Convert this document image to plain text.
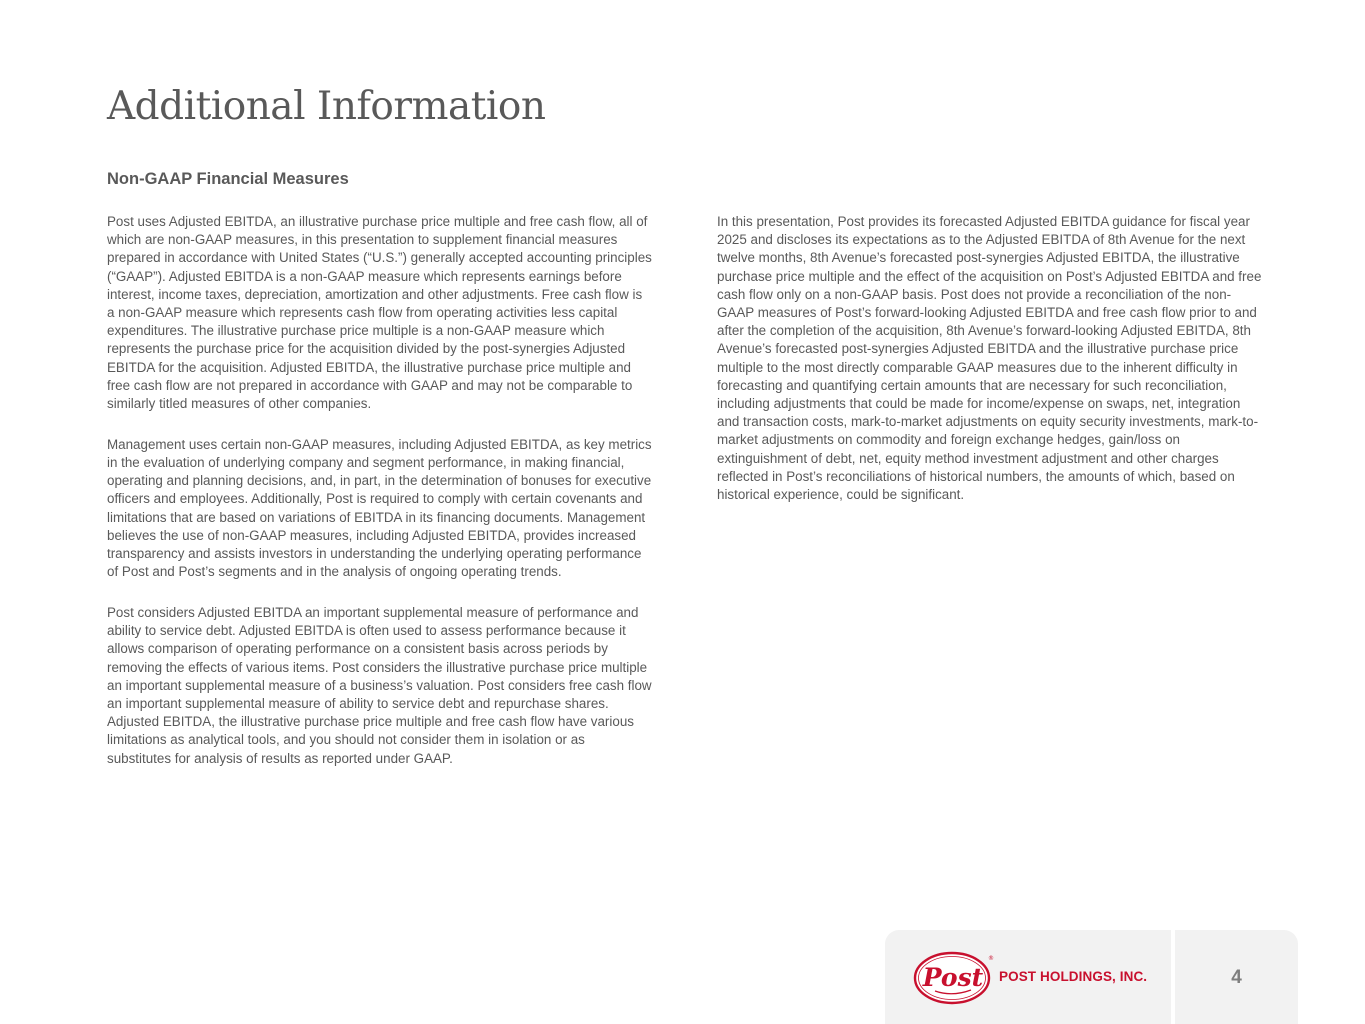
Additional Information
Non-GAAP Financial Measures

Post uses Adjusted EBITDA, an illustrative purchase price multiple and free cash flow, all of which are non-GAAP measures, in this presentation to supplement financial measures prepared in accordance with United States (“U.S.”) generally accepted accounting principles (“GAAP”). Adjusted EBITDA is a non-GAAP measure which represents earnings before interest, income taxes, depreciation, amortization and other adjustments. Free cash flow is a non-GAAP measure which represents cash flow from operating activities less capital expenditures. The illustrative purchase price multiple is a non-GAAP measure which represents the purchase price for the acquisition divided by the post-synergies Adjusted EBITDA for the acquisition. Adjusted EBITDA, the illustrative purchase price multiple and free cash flow are not prepared in accordance with GAAP and may not be comparable to similarly titled measures of other companies.

Management uses certain non-GAAP measures, including Adjusted EBITDA, as key metrics in the evaluation of underlying company and segment performance, in making financial, operating and planning decisions, and, in part, in the determination of bonuses for executive officers and employees. Additionally, Post is required to comply with certain covenants and limitations that are based on variations of EBITDA in its financing documents. Management believes the use of non-GAAP measures, including Adjusted EBITDA, provides increased transparency and assists investors in understanding the underlying operating performance of Post and Post’s segments and in the analysis of ongoing operating trends.

Post considers Adjusted EBITDA an important supplemental measure of performance and ability to service debt. Adjusted EBITDA is often used to assess performance because it allows comparison of operating performance on a consistent basis across periods by removing the effects of various items. Post considers the illustrative purchase price multiple an important supplemental measure of a business’s valuation. Post considers free cash flow an important supplemental measure of ability to service debt and repurchase shares. Adjusted EBITDA, the illustrative purchase price multiple and free cash flow have various limitations as analytical tools, and you should not consider them in isolation or as substitutes for analysis of results as reported under GAAP.

In this presentation, Post provides its forecasted Adjusted EBITDA guidance for fiscal year 2025 and discloses its expectations as to the Adjusted EBITDA of 8th Avenue for the next twelve months, 8th Avenue’s forecasted post-synergies Adjusted EBITDA, the illustrative purchase price multiple and the effect of the acquisition on Post’s Adjusted EBITDA and free cash flow only on a non-GAAP basis. Post does not provide a reconciliation of the non-GAAP measures of Post’s forward-looking Adjusted EBITDA and free cash flow prior to and after the completion of the acquisition, 8th Avenue’s forward-looking Adjusted EBITDA, 8th Avenue’s forecasted post-synergies Adjusted EBITDA and the illustrative purchase price multiple to the most directly comparable GAAP measures due to the inherent difficulty in forecasting and quantifying certain amounts that are necessary for such reconciliation, including adjustments that could be made for income/expense on swaps, net, integration and transaction costs, mark-to-market adjustments on equity security investments, mark-to-market adjustments on commodity and foreign exchange hedges, gain/loss on extinguishment of debt, net, equity method investment adjustment and other charges reflected in Post’s reconciliations of historical numbers, the amounts of which, based on historical experience, could be significant.

Post
®
POST HOLDINGS, INC.	4
